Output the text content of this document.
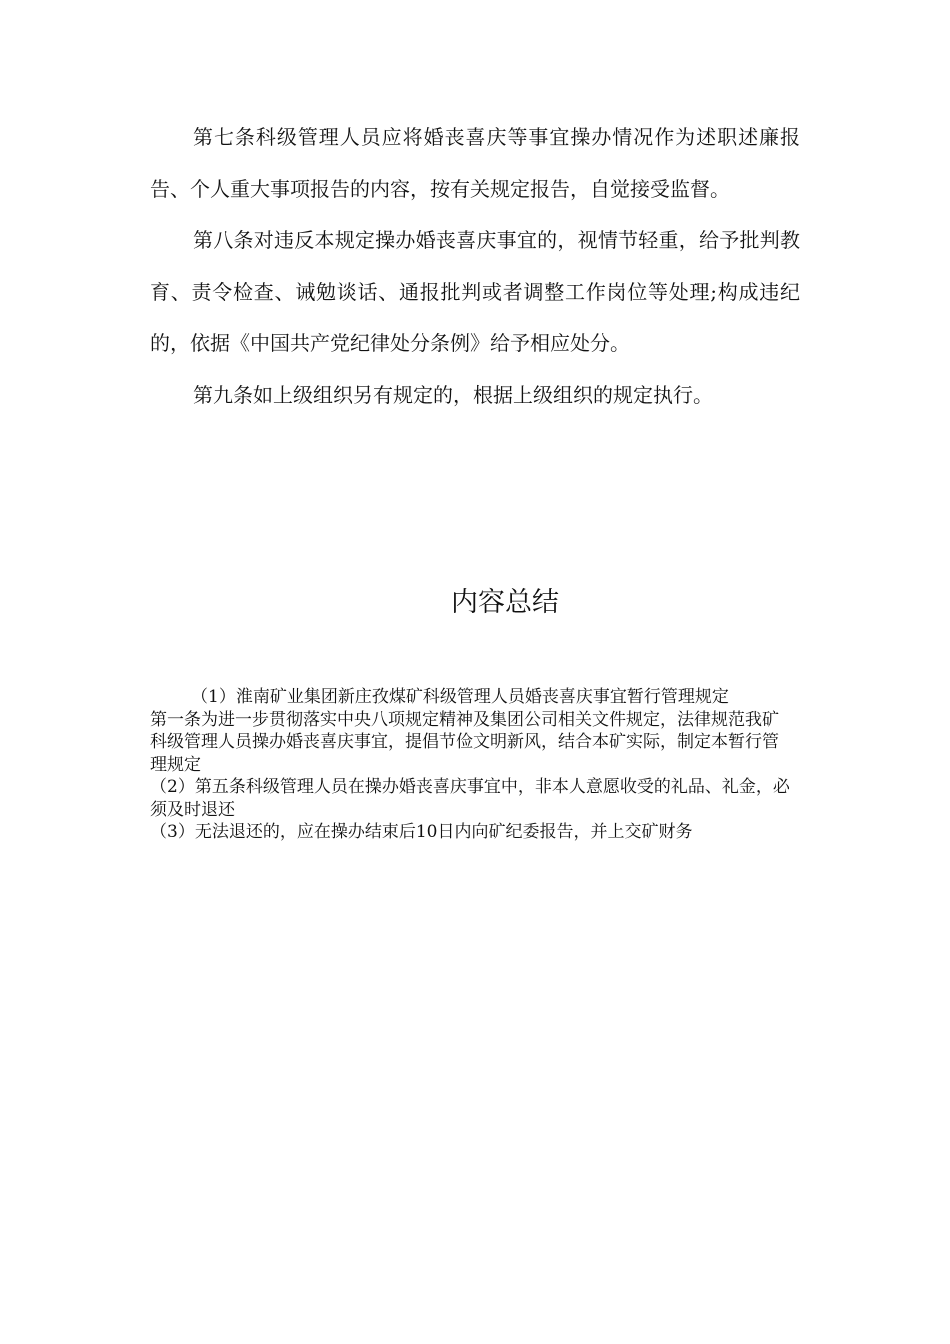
第七条科级管理人员应将婚丧喜庆等事宜操办情况作为述职述廉报告、个人重大事项报告的内容，按有关规定报告，自觉接受监督。

第八条对违反本规定操办婚丧喜庆事宜的，视情节轻重，给予批判教育、责令检查、诫勉谈话、通报批判或者调整工作岗位等处理;构成违纪的，依据《中国共产党纪律处分条例》给予相应处分。

第九条如上级组织另有规定的，根据上级组织的规定执行。

内容总结

（1）淮南矿业集团新庄孜煤矿科级管理人员婚丧喜庆事宜暂行管理规定

第一条为进一步贯彻落实中央八项规定精神及集团公司相关文件规定，法律规范我矿科级管理人员操办婚丧喜庆事宜，提倡节俭文明新风，结合本矿实际，制定本暂行管理规定

（2）第五条科级管理人员在操办婚丧喜庆事宜中，非本人意愿收受的礼品、礼金，必须及时退还

（3）无法退还的，应在操办结束后10日内向矿纪委报告，并上交矿财务
